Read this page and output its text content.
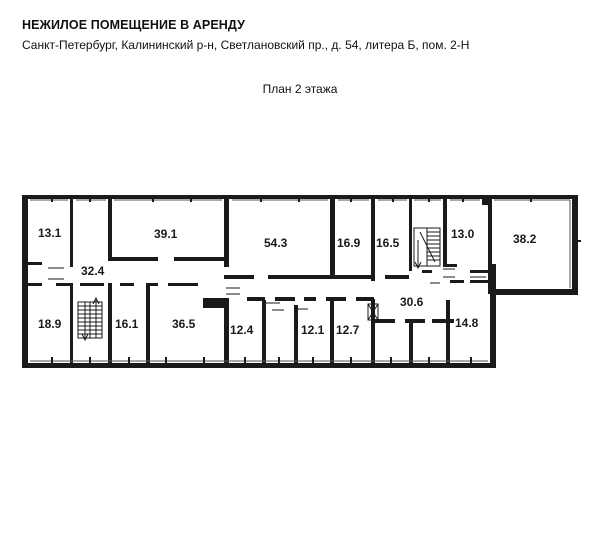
НЕЖИЛОЕ ПОМЕЩЕНИЕ В АРЕНДУ
Санкт-Петербург, Калининский р-н, Светлановский пр., д. 54, литера Б, пом. 2-Н
План 2 этажа
13.1	39.1
54.3	16.9 16.5
13.0	38.2
32.4
18.9	16.1	36.5	12.4	12.1 12.7
30.6
14.8
